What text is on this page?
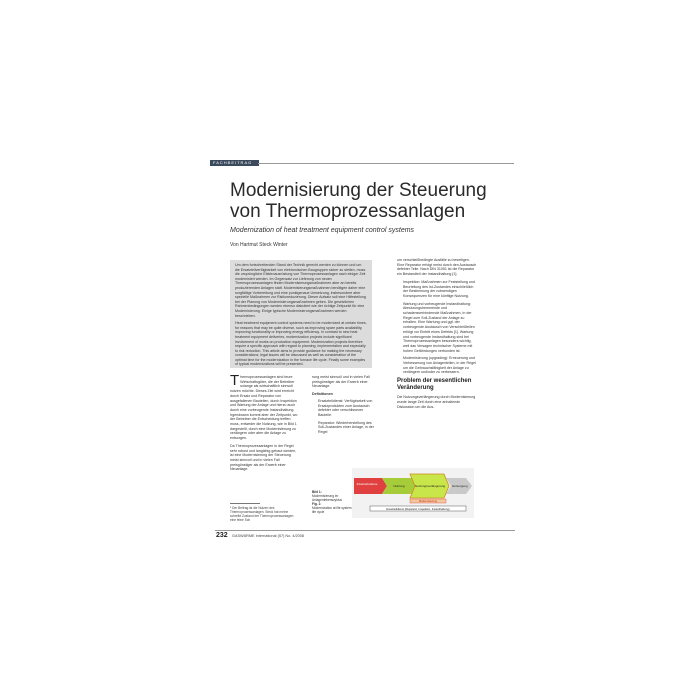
FACHBEITRAG
Modernisierung der Steuerung von Thermoprozessanlagen
Modernization of heat treatment equipment control systems
Von Hartmut Steck Winter

Um dem fortschreitenden Stand der Technik gerecht werden zu können und um die Ersatzteilverfügbarkeit von elektronischen Baugruppen sicher zu stellen, muss die ursprüngliche Elektroausrüstung von Thermoprozessanlagen nach einiger Zeit modernisiert werden. Im Gegensatz zur Lieferung von neuen Thermoprozessanlagen finden Modernisierungsmaßnahmen aber an bereits produzierenden Anlagen statt. Modernisierungsmaßnahmen benötigen daher eine sorgfältige Vorbereitung und eine punktgenaue Umsetzung, insbesondere aber spezielle Maßnahmen zur Risikoreduzierung. Dieser Aufsatz soll eine Hilfestellung bei der Planung von Modernisierungsmaßnahmen geben. Die gesetzlichen Rahmenbedingungen werden ebenso diskutiert wie der richtige Zeitpunkt für eine Modernisierung. Einige typische Modernisierungsmaßnahmen werden beschrieben.

Heat treatment equipment control systems need to be modernized at certain times, for reasons that may be quite diverse, such as improving spare parts availability, improving functionality or improving energy efficiency. In contrast to new heat treatment equipment deliveries, modernization projects include significant involvement of works on production equipment. Modernization projects therefore require a specific approach with regard to planning, implementation and especially to risk reduction. This article aims to provide guidance for making the necessary considerations; legal issues will be discussed as well as consideration of the optimal time for the modernization in the furnace life cycle. Finally some examples of typical modernizations will be presented.

Thermoprozessanlagen sind teure Wirtschaftsgüter, die der Betreiber solange als wirtschaftlich sinnvoll nutzen möchte. Dieses Ziel wird erreicht durch Ersatz und Reparatur von ausgefallenen Bauteilen, durch Inspektion und Wartung der Anlage und hierzu auch durch eine vorbeugende Instandhaltung. Irgendwann kommt aber der Zeitpunkt, wo der Betreiber die Entscheidung treffen muss, entweder die Nutzung, wie in Bild 1 dargestellt, durch eine Modernisierung zu verlängern oder aber die Anlage zu entsorgen.

Da Thermoprozessanlagen in der Regel sehr robust und langlebig gebaut werden, ist eine Modernisierung der Steuerung meist sinnvoll und in vielen Fall preisgünstiger als der Erwerb einer Neuanlage.

* Der Beitrag ist die Nutzen des Thermoprozessanlagen. Steck hat meine schreibt Zustand der Thermoprozessanlagen eine feine Sch

rung meist sinnvoll und in vielen Fall preisgünstiger als der Erwerb einer Neuanlage.

Definitionen
• Ersatzteildienst: Verfügbarkeit von Ersatzprodukten zum Austausch defekter oder verschlissener Bauteile.
• Reparatur: Wiederherstellung des Soll-Zustandes einer Anlage, in der Regel
Bild 1:
Modernisierung im Anlagenlebenszyklus
Fig. 1:
Modernization at life system life cycle
Inbetriebnahme	Nutzung	Nutzungsverlängerung Entsorgung
Modernisierung
Ersatzteildienst (Reparatur, Inspektion, Instandhaltung)

um verschleißbedingte Ausfälle zu beseitigen. Eine Reparatur erfolgt meist durch den Austausch defekter Teile. Nach DIN 31051 ist die Reparatur ein Bestandteil der Instandhaltung [1].

• Inspektion: Maßnahmen zur Feststellung und Beurteilung des Ist-Zustandes einschließlich der Bestimmung der notwendigen Konsequenzen für eine künftige Nutzung.
• Wartung und vorbeugende Instandhaltung: Abnutzungshemmende und schadensverhindernde Maßnahmen, in der Regel zum Soll-Zustand der Anlage zu erhalten. Eine Wartung und ggf. der vorbeugende Austausch von Verschleißteilen erfolgt vor Eintritt eines Defekts [1]. Wartung und vorbeugende Instandhaltung sind bei Thermoprozessanlagen besonders wichtig, weil das Versagen technischer Systeme mit hohen Gefährdungen verbunden ist.
• Modernisierung (upgrading): Erneuerung und Verbesserung von Anlagenteilen, in der Regel um die Gebrauchsfähigkeit der Anlage zu verlängern und/oder zu verbessern.
Problem der wesentlichen Veränderung

Die Nutzungsverlängerung durch Modernisierung wurde lange Zeit durch eine anhaltende Diskussion um die Aus-

232 GASWÄRME International (57) No. 4/2008
